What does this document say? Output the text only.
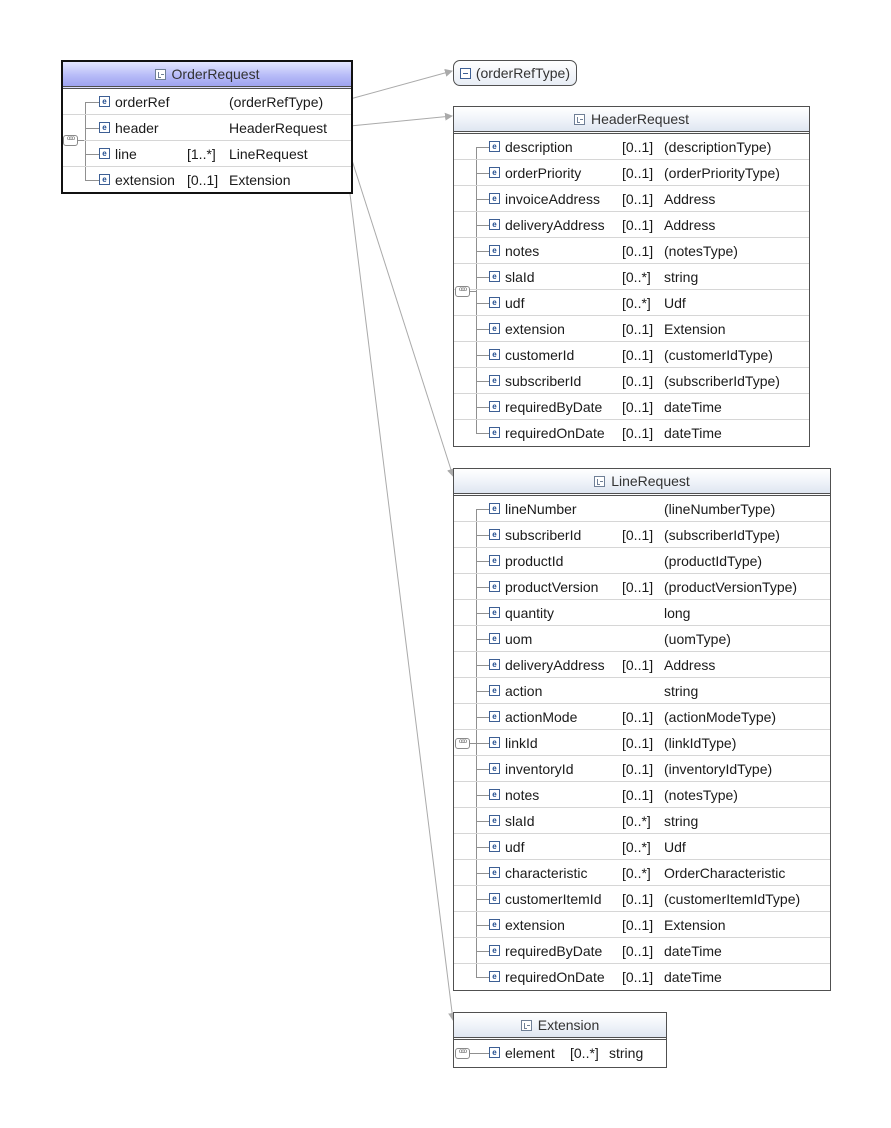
OrderRequest
e orderRef	(orderRefType)
e header	HeaderRequest
e line	[1..*] LineRequest
e extension [0..1] Extension
ooo
(orderRefType)
HeaderRequest
e description	[0..1] (descriptionType)
e orderPriority	[0..1] (orderPriorityType)
e invoiceAddress [0..1] Address
e deliveryAddress [0..1] Address
e notes	[0..1] (notesType)
e slaId	[0..*] string
e udf	[0..*] Udf
e extension	[0..1] Extension
e customerId	[0..1] (customerIdType)
e subscriberId	[0..1] (subscriberIdType)
e requiredByDate [0..1] dateTime
e requiredOnDate [0..1] dateTime
ooo
LineRequest
e lineNumber	(lineNumberType)
e subscriberId	[0..1] (subscriberIdType)
e productId	(productIdType)
e productVersion [0..1] (productVersionType)
e quantity	long
e uom	(uomType)
e deliveryAddress [0..1] Address
e action	string
e actionMode	[0..1] (actionModeType)
e linkId	[0..1] (linkIdType)
e inventoryId	[0..1] (inventoryIdType)
e notes	[0..1] (notesType)
e slaId	[0..*] string
e udf	[0..*] Udf
e characteristic [0..*] OrderCharacteristic
e customerItemId [0..1] (customerItemIdType)
e extension	[0..1] Extension
e requiredByDate [0..1] dateTime
e requiredOnDate [0..1] dateTime
ooo
Extension
e element [0..*] string
ooo
